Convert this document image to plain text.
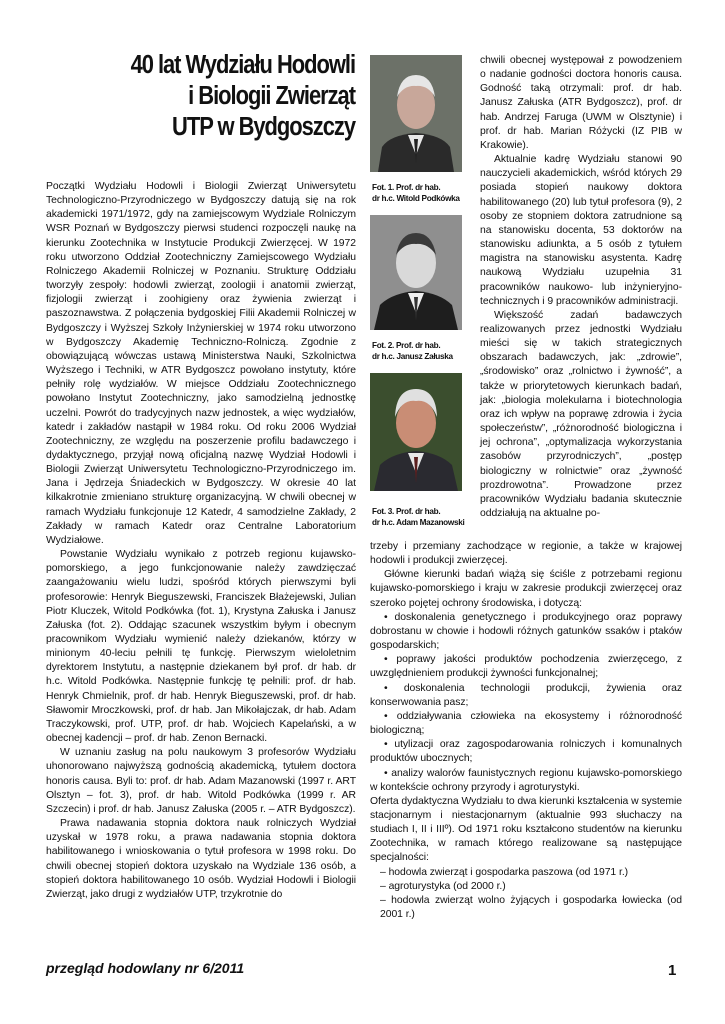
40 lat Wydziału Hodowli
i Biologii Zwierząt
UTP w Bydgoszczy

Początki Wydziału Hodowli i Biologii Zwierząt Uniwersytetu Technologiczno-Przyrodniczego w Bydgoszczy datują się na rok akademicki 1971/1972, gdy na zamiejscowym Wydziale Rolniczym WSR Poznań w Bydgoszczy pierwsi studenci rozpoczęli naukę na kierunku Zootechnika w Instytucie Produkcji Zwierzęcej. W 1972 roku utworzono Oddział Zootechniczny Zamiejscowego Wydziału Rolniczego Akademii Rolniczej w Poznaniu. Strukturę Oddziału tworzyły zespoły: hodowli zwierząt, zoologii i anatomii zwierząt, fizjologii zwierząt i zoohigieny oraz żywienia zwierząt i paszoznawstwa. Z połączenia bydgoskiej Filii Akademii Rolniczej w Bydgoszczy i Wyższej Szkoły Inżynierskiej w 1974 roku utworzono w Bydgoszczy Akademię Techniczno-Rolniczą. Zgodnie z obowiązującą wówczas ustawą Ministerstwa Nauki, Szkolnictwa Wyższego i Techniki, w ATR Bydgoszcz powołano instytuty, które pełniły rolę wydziałów. W miejsce Oddziału Zootechnicznego powołano Instytut Zootechniczny, jako samodzielną jednostkę uczelni. Powrót do tradycyjnych nazw jednostek, a więc wydziałów, katedr i zakładów nastąpił w 1984 roku. Od roku 2006 Wydział Zootechniczny, ze względu na poszerzenie profilu badawczego i dydaktycznego, przyjął nową oficjalną nazwę Wydział Hodowli i Biologii Zwierząt Uniwersytetu Technologiczno-Przyrodniczego im. Jana i Jędrzeja Śniadeckich w Bydgoszczy. W okresie 40 lat kilkakrotnie zmieniano strukturę organizacyjną. W chwili obecnej w ramach Wydziału funkcjonuje 12 Katedr, 4 samodzielne Zakłady, 2 Zakłady w ramach Katedr oraz Centralne Laboratorium Wydziałowe.

Powstanie Wydziału wynikało z potrzeb regionu kujawsko-pomorskiego, a jego funkcjonowanie należy zawdzięczać zaangażowaniu wielu ludzi, spośród których pierwszymi byli profesorowie: Henryk Bieguszewski, Franciszek Błażejewski, Julian Piotr Kluczek, Witold Podkówka (fot. 1), Krystyna Załuska i Janusz Załuska (fot. 2). Oddając szacunek wszystkim byłym i obecnym pracownikom Wydziału wymienić należy dziekanów, którzy w minionym 40-leciu pełnili tę funkcję. Pierwszym wieloletnim dyrektorem Instytutu, a następnie dziekanem był prof. dr hab. dr h.c. Witold Podkówka. Następnie funkcję tę pełnili: prof. dr hab. Henryk Chmielnik, prof. dr hab. Henryk Bieguszewski, prof. dr hab. Sławomir Mroczkowski, prof. dr hab. Jan Mikołajczak, dr hab. Adam Traczykowski, prof. UTP, prof. dr hab. Wojciech Kapelański, a w obecnej kadencji – prof. dr hab. Zenon Bernacki.

W uznaniu zasług na polu naukowym 3 profesorów Wydziału uhonorowano najwyższą godnością akademicką, tytułem doctora honoris causa. Byli to: prof. dr hab. Adam Mazanowski (1997 r. ART Olsztyn – fot. 3), prof. dr hab. Witold Podkówka (1999 r. AR Szczecin) i prof. dr hab. Janusz Załuska (2005 r. – ATR Bydgoszcz).

Prawa nadawania stopnia doktora nauk rolniczych Wydział uzyskał w 1978 roku, a prawa nadawania stopnia doktora habilitowanego i wnioskowania o tytuł profesora w 1998 roku. Do chwili obecnej stopień doktora uzyskało na Wydziale 136 osób, a stopień doktora habilitowanego 10 osób. Wydział Hodowli i Biologii Zwierząt, jako drugi z wydziałów UTP, trzykrotnie do

Fot. 1. Prof. dr hab.
dr h.c. Witold Podkówka
Fot. 2. Prof. dr hab.
dr h.c. Janusz Załuska
Fot. 3. Prof. dr hab.
dr h.c. Adam Mazanowski

chwili obecnej występował z powodzeniem o nadanie godności doctora honoris causa. Godność taką otrzymali: prof. dr hab. Janusz Załuska (ATR Bydgoszcz), prof. dr hab. Andrzej Faruga (UWM w Olsztynie) i prof. dr hab. Marian Różycki (IZ PIB w Krakowie).

Aktualnie kadrę Wydziału stanowi 90 nauczycieli akademickich, wśród których 29 posiada stopień naukowy doktora habilitowanego (20) lub tytuł profesora (9), 2 osoby ze stopniem doktora zatrudnione są na stanowisku docenta, 53 doktorów na stanowisku adiunkta, a 5 osób z tytułem magistra na stanowisku asystenta. Kadrę naukową Wydziału uzupełnia 31 pracowników naukowo- lub inżynieryjno-technicznych i 9 pracowników administracji.

Większość zadań badawczych realizowanych przez jednostki Wydziału mieści się w takich strategicznych obszarach badawczych, jak: „zdrowie”, „środowisko” oraz „rolnictwo i żywność”, a także w priorytetowych kierunkach badań, jak: „biologia molekularna i biotechnologia oraz ich wpływ na poprawę zdrowia i życia społeczeństw”, „różnorodność biologiczna i jej ochrona”, „optymalizacja wykorzystania zasobów przyrodniczych”, „postęp biologiczny w rolnictwie” oraz „żywność prozdrowotna”. Prowadzone przez pracowników Wydziału badania skutecznie oddziałują na aktualne po-

trzeby i przemiany zachodzące w regionie, a także w krajowej hodowli i produkcji zwierzęcej.

Główne kierunki badań wiążą się ściśle z potrzebami regionu kujawsko-pomorskiego i kraju w zakresie produkcji zwierzęcej oraz szeroko pojętej ochrony środowiska, i dotyczą:

• doskonalenia genetycznego i produkcyjnego oraz poprawy dobrostanu w chowie i hodowli różnych gatunków ssaków i ptaków gospodarskich;

• poprawy jakości produktów pochodzenia zwierzęcego, z uwzględnieniem produkcji żywności funkcjonalnej;

• doskonalenia technologii produkcji, żywienia oraz konserwowania pasz;

• oddziaływania człowieka na ekosystemy i różnorodność biologiczną;

• utylizacji oraz zagospodarowania rolniczych i komunalnych produktów ubocznych;

• analizy walorów faunistycznych regionu kujawsko-pomorskiego w kontekście ochrony przyrody i agroturystyki.

Oferta dydaktyczna Wydziału to dwa kierunki kształcenia w systemie stacjonarnym i niestacjonarnym (aktualnie 993 słuchaczy na studiach I, II i IIIº). Od 1971 roku kształcono studentów na kierunku Zootechnika, w ramach którego realizowane są następujące specjalności:

– hodowla zwierząt i gospodarka paszowa (od 1971 r.)

– agroturystyka (od 2000 r.)

– hodowla zwierząt wolno żyjących i gospodarka łowiecka (od 2001 r.)

przegląd hodowlany nr 6/2011	1
